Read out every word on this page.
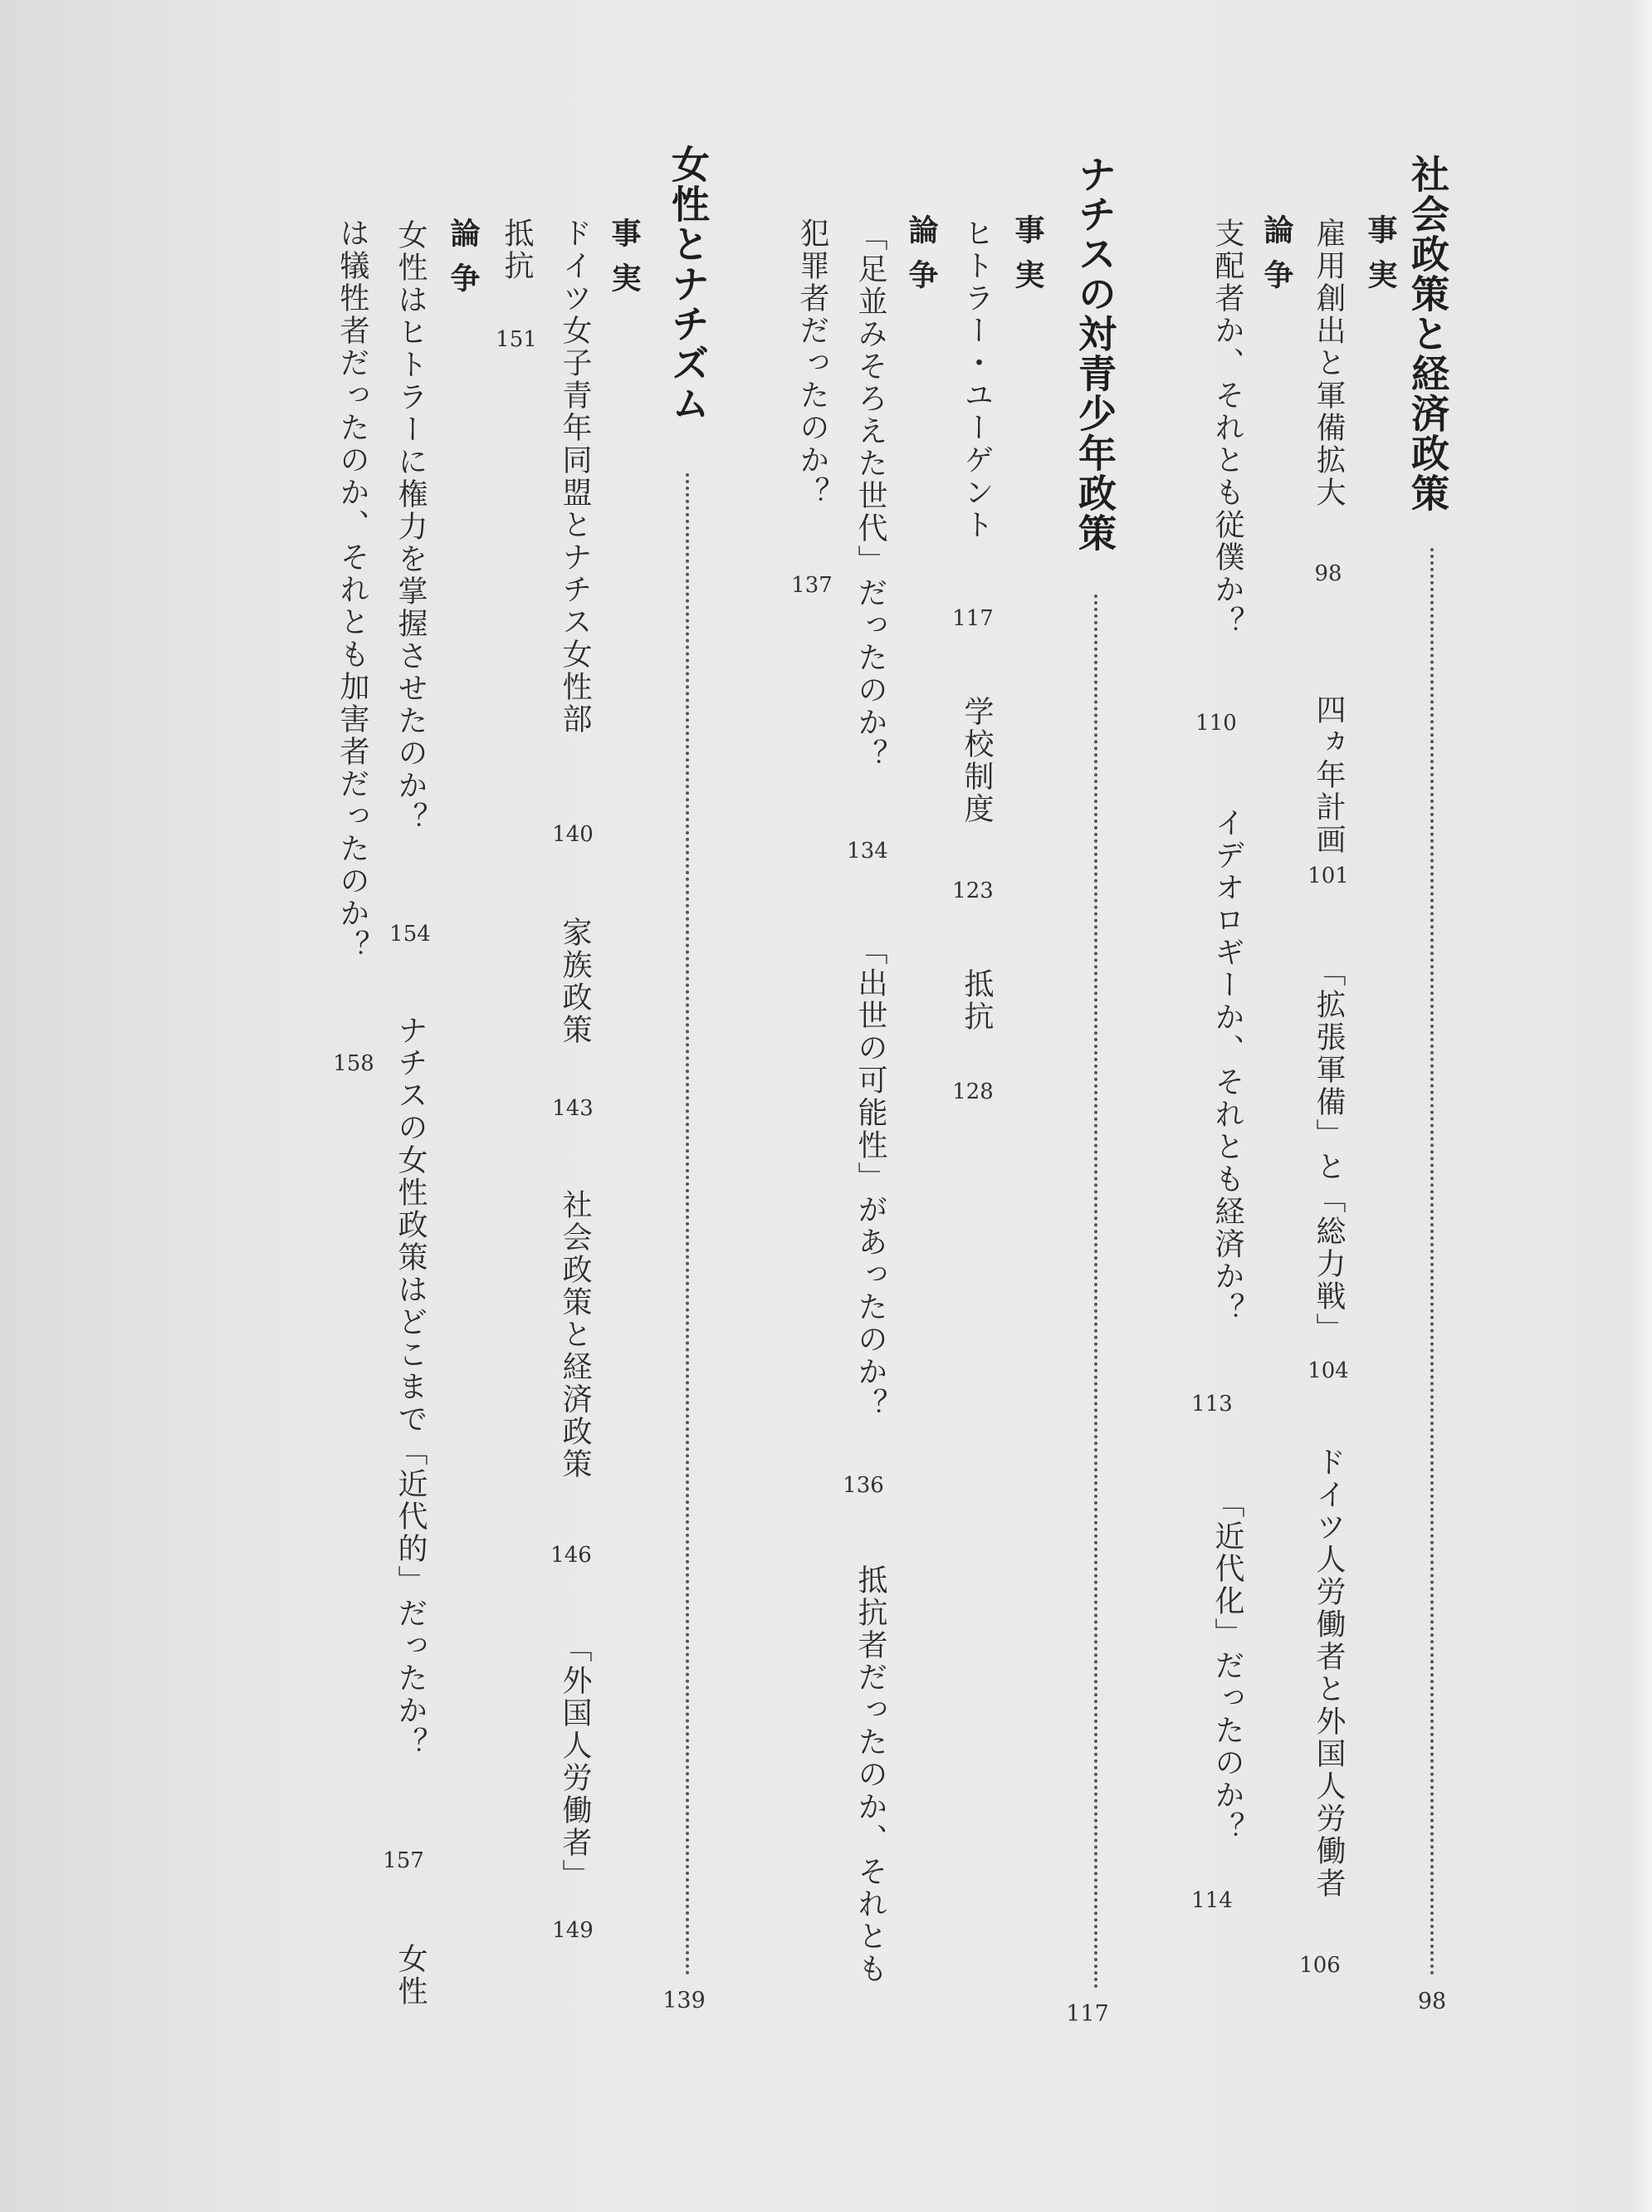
社会政策と経済政策
98
事実
雇用創出と軍備拡大
98
四ヵ年計画
101
「拡張軍備」と「総力戦」
104
ドイツ人労働者と外国人労働者
106
論争
支配者か、それとも従僕か？
110
イデオロギーか、それとも経済か？
113
「近代化」だったのか？
114
ナチスの対青少年政策
117
事実
ヒトラー・ユーゲント
117
学校制度
123
抵抗
128
論争
「足並みそろえた世代」だったのか？
134
「出世の可能性」があったのか？
136
抵抗者だったのか、それとも
犯罪者だったのか？
137
女性とナチズム
139
事実
ドイツ女子青年同盟とナチス女性部
140
家族政策
143
社会政策と経済政策
146
「外国人労働者」
149
抵抗
151
論争
女性はヒトラーに権力を掌握させたのか？
154
ナチスの女性政策はどこまで「近代的」だったか？
157
女性
は犠牲者だったのか、それとも加害者だったのか？
158
